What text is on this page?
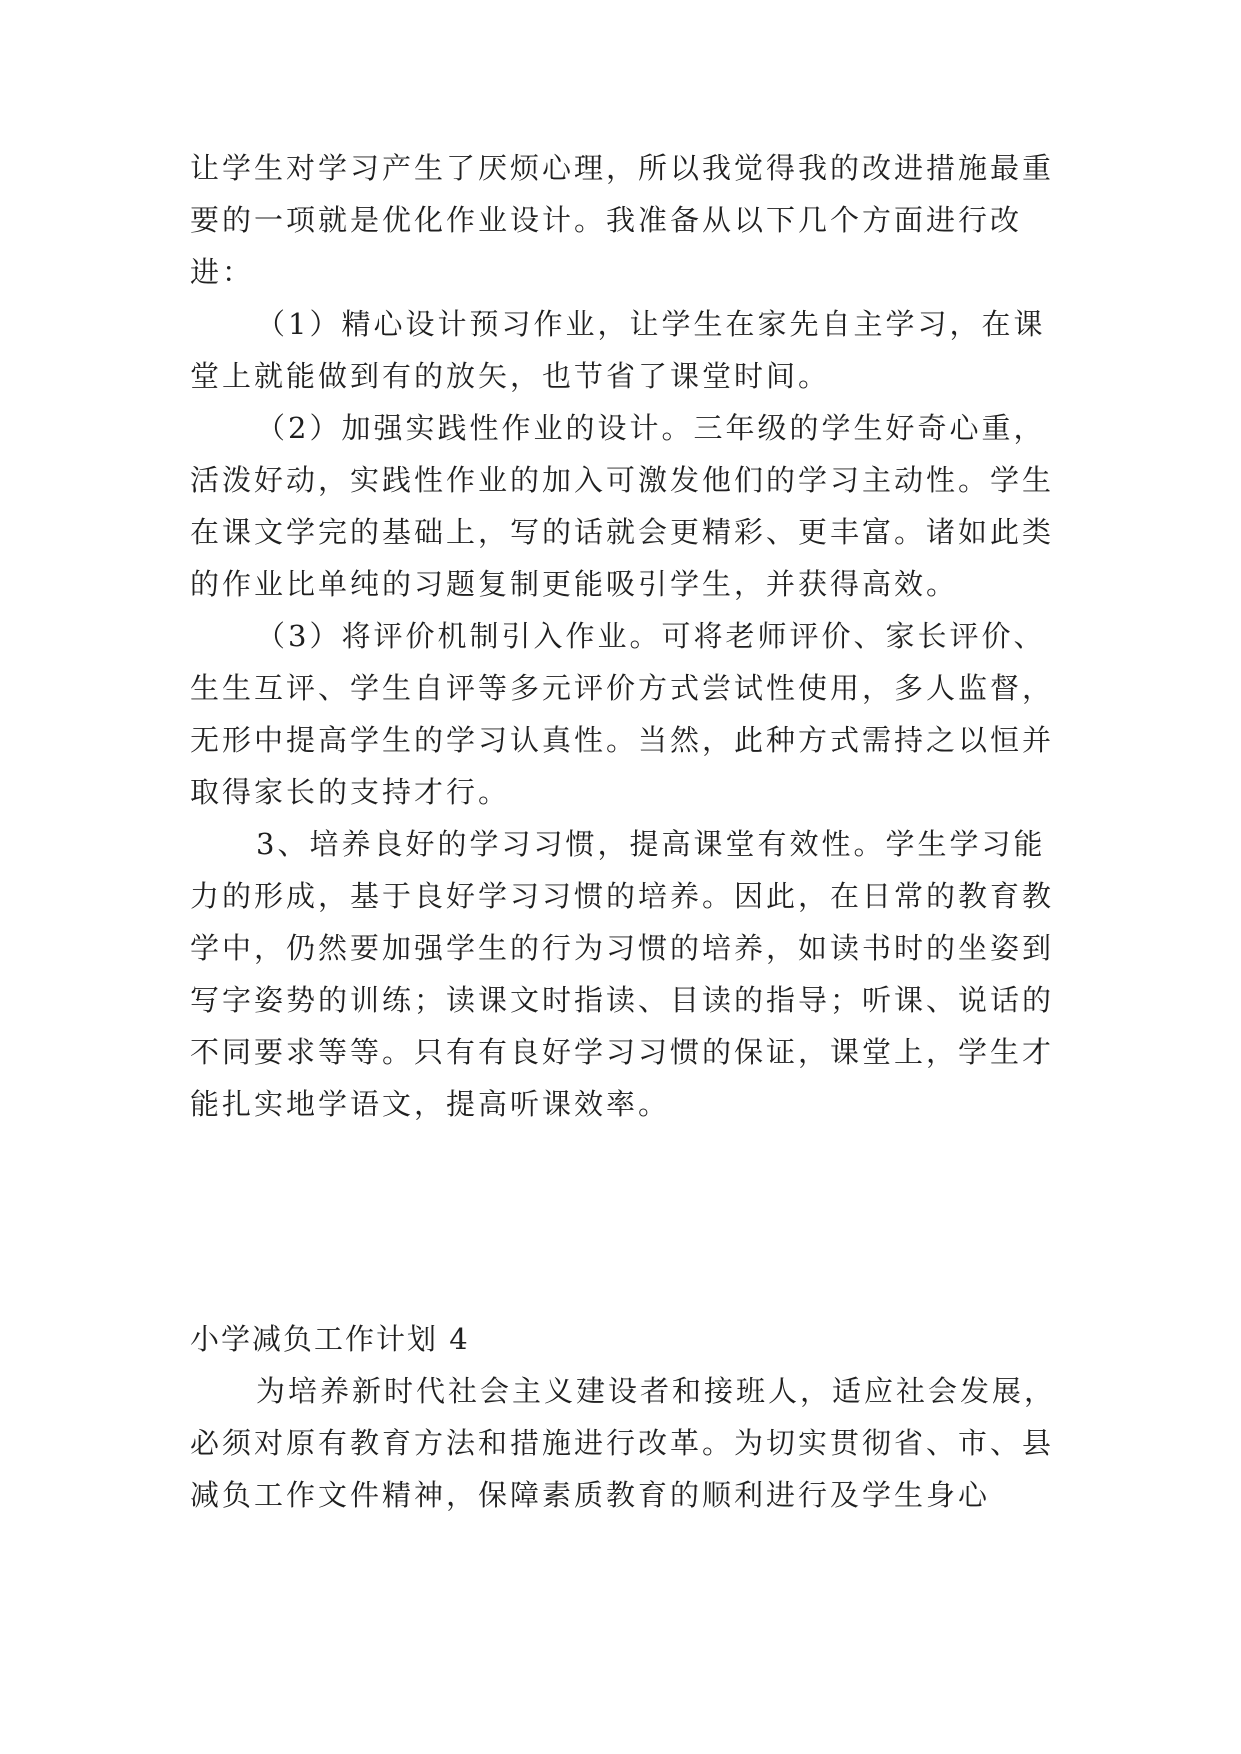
让学生对学习产生了厌烦心理，所以我觉得我的改进措施最重要的一项就是优化作业设计。我准备从以下几个方面进行改进：

（1）精心设计预习作业，让学生在家先自主学习，在课堂上就能做到有的放矢，也节省了课堂时间。

（2）加强实践性作业的设计。三年级的学生好奇心重，活泼好动，实践性作业的加入可激发他们的学习主动性。学生在课文学完的基础上，写的话就会更精彩、更丰富。诸如此类的作业比单纯的习题复制更能吸引学生，并获得高效。

（3）将评价机制引入作业。可将老师评价、家长评价、生生互评、学生自评等多元评价方式尝试性使用，多人监督，无形中提高学生的学习认真性。当然，此种方式需持之以恒并取得家长的支持才行。

3、培养良好的学习习惯，提高课堂有效性。学生学习能力的形成，基于良好学习习惯的培养。因此，在日常的教育教学中，仍然要加强学生的行为习惯的培养，如读书时的坐姿到写字姿势的训练；读课文时指读、目读的指导；听课、说话的不同要求等等。只有有良好学习习惯的保证，课堂上，学生才能扎实地学语文，提高听课效率。

小学减负工作计划 4

为培养新时代社会主义建设者和接班人，适应社会发展，必须对原有教育方法和措施进行改革。为切实贯彻省、市、县减负工作文件精神，保障素质教育的顺利进行及学生身心
